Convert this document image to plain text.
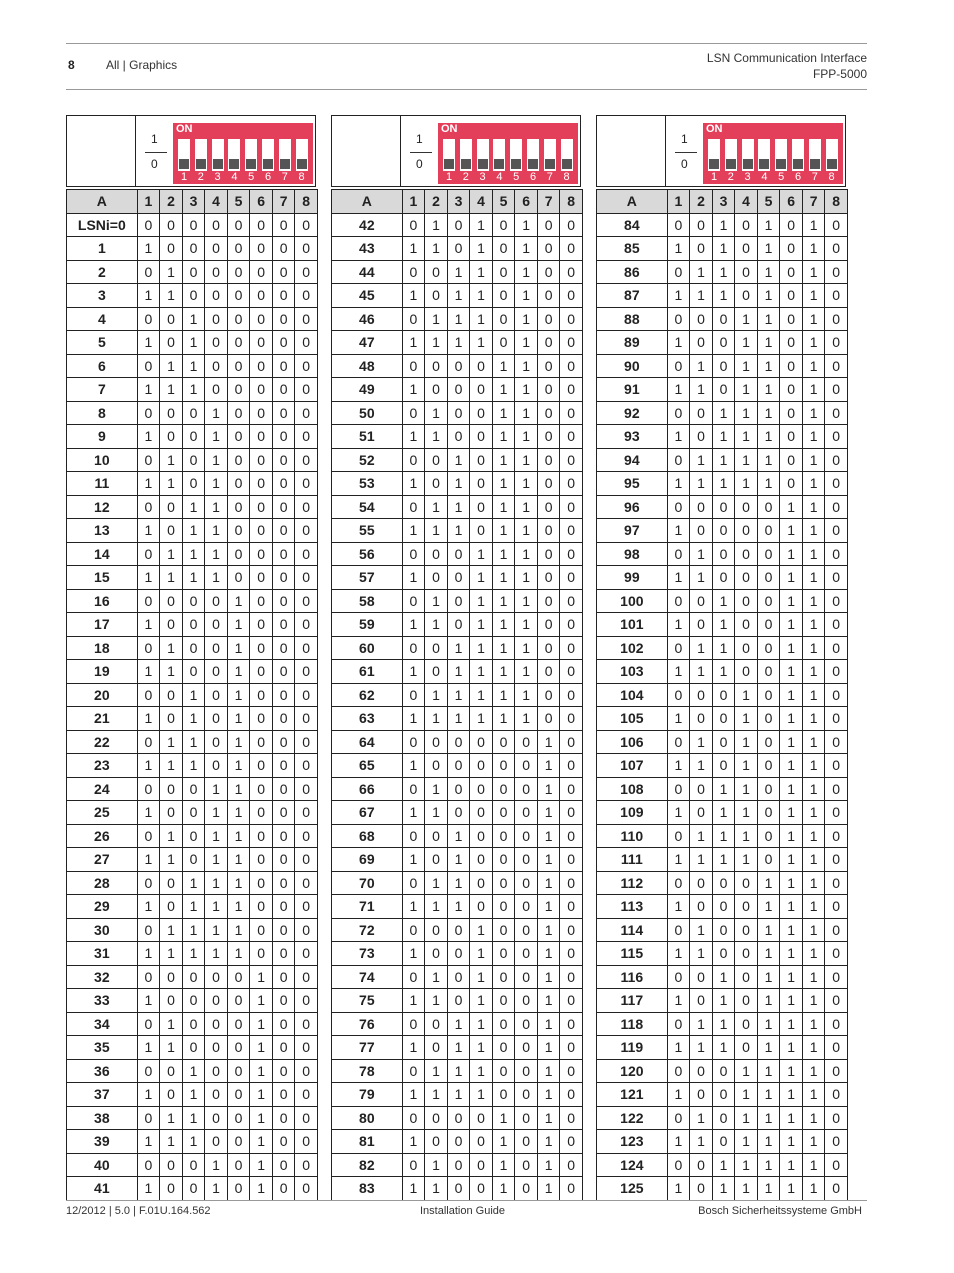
8	All | Graphics	LSN Communication Interface
FPP-5000
1
0
ON
1 2 3 4 5 6 7 8
A	1	2	3	4	5	6	7	8
LSNi=0	0	0	0	0	0	0	0	0
1	1	0	0	0	0	0	0	0
2	0	1	0	0	0	0	0	0
3	1	1	0	0	0	0	0	0
4	0	0	1	0	0	0	0	0
5	1	0	1	0	0	0	0	0
6	0	1	1	0	0	0	0	0
7	1	1	1	0	0	0	0	0
8	0	0	0	1	0	0	0	0
9	1	0	0	1	0	0	0	0
10	0	1	0	1	0	0	0	0
11	1	1	0	1	0	0	0	0
12	0	0	1	1	0	0	0	0
13	1	0	1	1	0	0	0	0
14	0	1	1	1	0	0	0	0
15	1	1	1	1	0	0	0	0
16	0	0	0	0	1	0	0	0
17	1	0	0	0	1	0	0	0
18	0	1	0	0	1	0	0	0
19	1	1	0	0	1	0	0	0
20	0	0	1	0	1	0	0	0
21	1	0	1	0	1	0	0	0
22	0	1	1	0	1	0	0	0
23	1	1	1	0	1	0	0	0
24	0	0	0	1	1	0	0	0
25	1	0	0	1	1	0	0	0
26	0	1	0	1	1	0	0	0
27	1	1	0	1	1	0	0	0
28	0	0	1	1	1	0	0	0
29	1	0	1	1	1	0	0	0
30	0	1	1	1	1	0	0	0
31	1	1	1	1	1	0	0	0
32	0	0	0	0	0	1	0	0
33	1	0	0	0	0	1	0	0
34	0	1	0	0	0	1	0	0
35	1	1	0	0	0	1	0	0
36	0	0	1	0	0	1	0	0
37	1	0	1	0	0	1	0	0
38	0	1	1	0	0	1	0	0
39	1	1	1	0	0	1	0	0
40	0	0	0	1	0	1	0	0
41	1	0	0	1	0	1	0	0
1
0
ON
1 2 3 4 5 6 7 8
A	1	2	3	4	5	6	7	8
42	0	1	0	1	0	1	0	0
43	1	1	0	1	0	1	0	0
44	0	0	1	1	0	1	0	0
45	1	0	1	1	0	1	0	0
46	0	1	1	1	0	1	0	0
47	1	1	1	1	0	1	0	0
48	0	0	0	0	1	1	0	0
49	1	0	0	0	1	1	0	0
50	0	1	0	0	1	1	0	0
51	1	1	0	0	1	1	0	0
52	0	0	1	0	1	1	0	0
53	1	0	1	0	1	1	0	0
54	0	1	1	0	1	1	0	0
55	1	1	1	0	1	1	0	0
56	0	0	0	1	1	1	0	0
57	1	0	0	1	1	1	0	0
58	0	1	0	1	1	1	0	0
59	1	1	0	1	1	1	0	0
60	0	0	1	1	1	1	0	0
61	1	0	1	1	1	1	0	0
62	0	1	1	1	1	1	0	0
63	1	1	1	1	1	1	0	0
64	0	0	0	0	0	0	1	0
65	1	0	0	0	0	0	1	0
66	0	1	0	0	0	0	1	0
67	1	1	0	0	0	0	1	0
68	0	0	1	0	0	0	1	0
69	1	0	1	0	0	0	1	0
70	0	1	1	0	0	0	1	0
71	1	1	1	0	0	0	1	0
72	0	0	0	1	0	0	1	0
73	1	0	0	1	0	0	1	0
74	0	1	0	1	0	0	1	0
75	1	1	0	1	0	0	1	0
76	0	0	1	1	0	0	1	0
77	1	0	1	1	0	0	1	0
78	0	1	1	1	0	0	1	0
79	1	1	1	1	0	0	1	0
80	0	0	0	0	1	0	1	0
81	1	0	0	0	1	0	1	0
82	0	1	0	0	1	0	1	0
83	1	1	0	0	1	0	1	0
1
0
ON
1 2 3 4 5 6 7 8
A	1	2	3	4	5	6	7	8
84	0	0	1	0	1	0	1	0
85	1	0	1	0	1	0	1	0
86	0	1	1	0	1	0	1	0
87	1	1	1	0	1	0	1	0
88	0	0	0	1	1	0	1	0
89	1	0	0	1	1	0	1	0
90	0	1	0	1	1	0	1	0
91	1	1	0	1	1	0	1	0
92	0	0	1	1	1	0	1	0
93	1	0	1	1	1	0	1	0
94	0	1	1	1	1	0	1	0
95	1	1	1	1	1	0	1	0
96	0	0	0	0	0	1	1	0
97	1	0	0	0	0	1	1	0
98	0	1	0	0	0	1	1	0
99	1	1	0	0	0	1	1	0
100	0	0	1	0	0	1	1	0
101	1	0	1	0	0	1	1	0
102	0	1	1	0	0	1	1	0
103	1	1	1	0	0	1	1	0
104	0	0	0	1	0	1	1	0
105	1	0	0	1	0	1	1	0
106	0	1	0	1	0	1	1	0
107	1	1	0	1	0	1	1	0
108	0	0	1	1	0	1	1	0
109	1	0	1	1	0	1	1	0
110	0	1	1	1	0	1	1	0
111	1	1	1	1	0	1	1	0
112	0	0	0	0	1	1	1	0
113	1	0	0	0	1	1	1	0
114	0	1	0	0	1	1	1	0
115	1	1	0	0	1	1	1	0
116	0	0	1	0	1	1	1	0
117	1	0	1	0	1	1	1	0
118	0	1	1	0	1	1	1	0
119	1	1	1	0	1	1	1	0
120	0	0	0	1	1	1	1	0
121	1	0	0	1	1	1	1	0
122	0	1	0	1	1	1	1	0
123	1	1	0	1	1	1	1	0
124	0	0	1	1	1	1	1	0
125	1	0	1	1	1	1	1	0
12/2012 | 5.0 | F.01U.164.562	Installation Guide	Bosch Sicherheitssysteme GmbH
